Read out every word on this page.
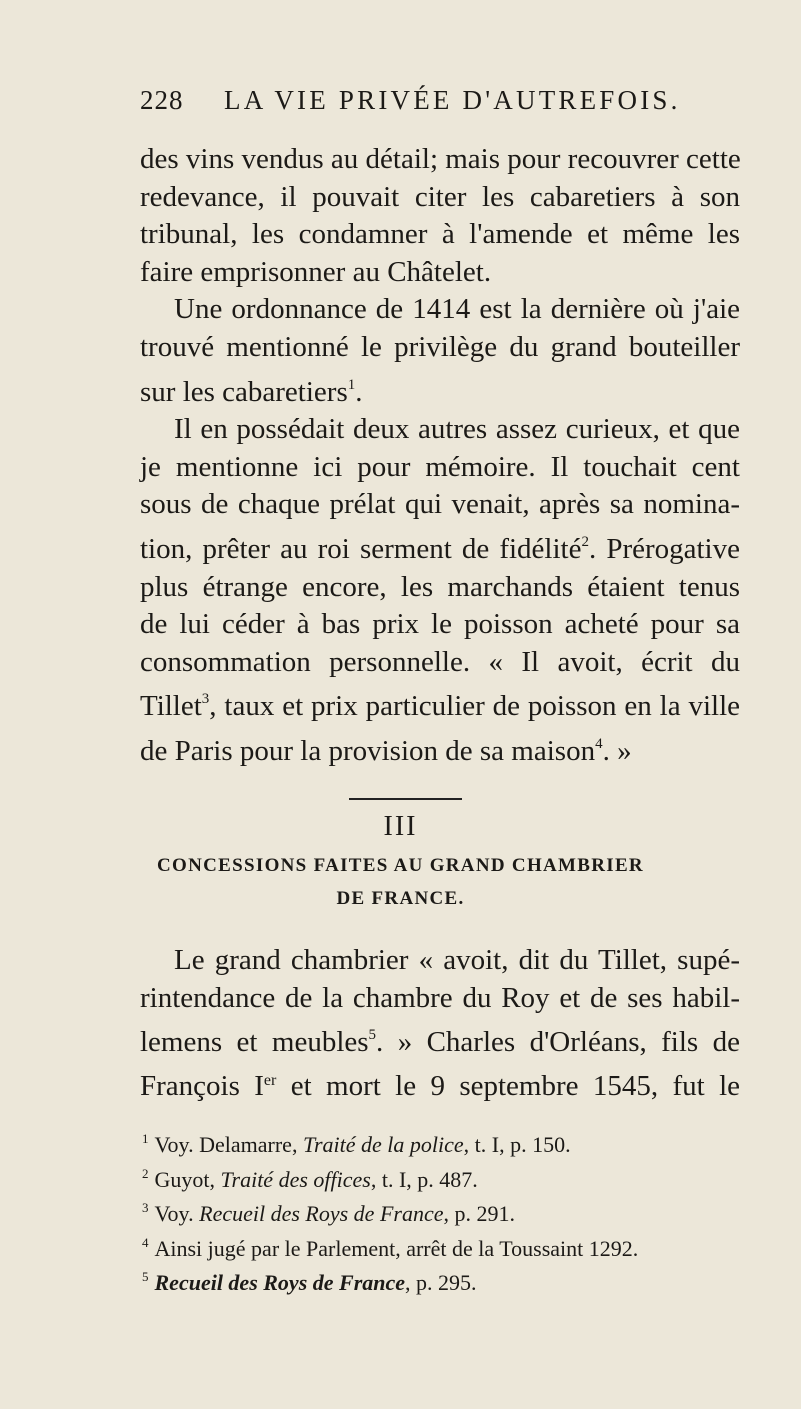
228 LA VIE PRIVÉE D'AUTREFOIS.
des vins vendus au détail; mais pour recouvrer cette
redevance, il pouvait citer les cabaretiers à son
tribunal, les condamner à l'amende et même les
faire emprisonner au Châtelet.
Une ordonnance de 1414 est la dernière où j'aie
trouvé mentionné le privilège du grand bouteiller
sur les cabaretiers$^1$.
Il en possédait deux autres assez curieux, et que
je mentionne ici pour mémoire. Il touchait cent
sous de chaque prélat qui venait, après sa nomina-
tion, prêter au roi serment de fidélité$^2$. Prérogative
plus étrange encore, les marchands étaient tenus
de lui céder à bas prix le poisson acheté pour sa
consommation personnelle. « Il avoit, écrit du
Tillet$^3$, taux et prix particulier de poisson en la ville
de Paris pour la provision de sa maison$^4$. »
III
CONCESSIONS FAITES AU GRAND CHAMBRIER
DE FRANCE.
Le grand chambrier « avoit, dit du Tillet, supé-
rintendance de la chambre du Roy et de ses habil-
lemens et meubles$^5$. » Charles d'Orléans, fils de
François Ier et mort le 9 septembre 1545, fut le
$^1$ Voy. Delamarre, Traité de la police, t. I, p. 150.
$^2$ Guyot, Traité des offices, t. I, p. 487.
$^3$ Voy. Recueil des Roys de France, p. 291.
$^4$ Ainsi jugé par le Parlement, arrêt de la Toussaint 1292.
$^5$ Recueil des Roys de France, p. 295.
